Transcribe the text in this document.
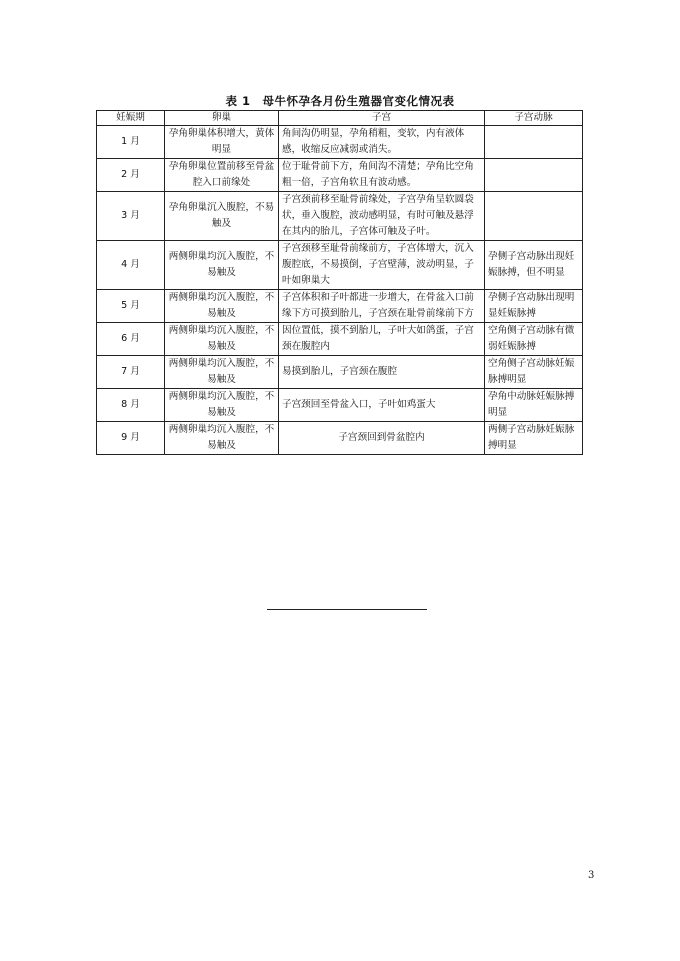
表 1　母牛怀孕各月份生殖器官变化情况表
妊娠期	卵巢	子宫	子宫动脉
1 月	孕角卵巢体积增大，黄体明显	角间沟仍明显，孕角稍粗，变软，内有液体感，收缩反应减弱或消失。	
2 月	孕角卵巢位置前移至骨盆腔入口前缘处	位于耻骨前下方，角间沟不清楚；孕角比空角粗一倍，子宫角软且有波动感。	
3 月	孕角卵巢沉入腹腔，不易触及	子宫颈前移至耻骨前缘处，子宫孕角呈软圆袋状，垂入腹腔，波动感明显，有时可触及悬浮在其内的胎儿，子宫体可触及子叶。	
4 月	两侧卵巢均沉入腹腔，不易触及	子宫颈移至耻骨前缘前方，子宫体增大，沉入腹腔底，不易摸倒，子宫壁薄，波动明显，子叶如卵巢大	孕侧子宫动脉出现妊娠脉搏，但不明显
5 月	两侧卵巢均沉入腹腔，不易触及	子宫体积和子叶都进一步增大，在骨盆入口前缘下方可摸到胎儿，子宫颈在耻骨前缘前下方	孕侧子宫动脉出现明显妊娠脉搏
6 月	两侧卵巢均沉入腹腔，不易触及	因位置低，摸不到胎儿，子叶大如鸽蛋，子宫颈在腹腔内	空角侧子宫动脉有微弱妊娠脉搏
7 月	两侧卵巢均沉入腹腔，不易触及	易摸到胎儿，子宫颈在腹腔	空角侧子宫动脉妊娠脉搏明显
8 月	两侧卵巢均沉入腹腔，不易触及	子宫颈回至骨盆入口，子叶如鸡蛋大	孕角中动脉妊娠脉搏明显
9 月	两侧卵巢均沉入腹腔，不易触及	子宫颈回到骨盆腔内	两侧子宫动脉妊娠脉搏明显
3
